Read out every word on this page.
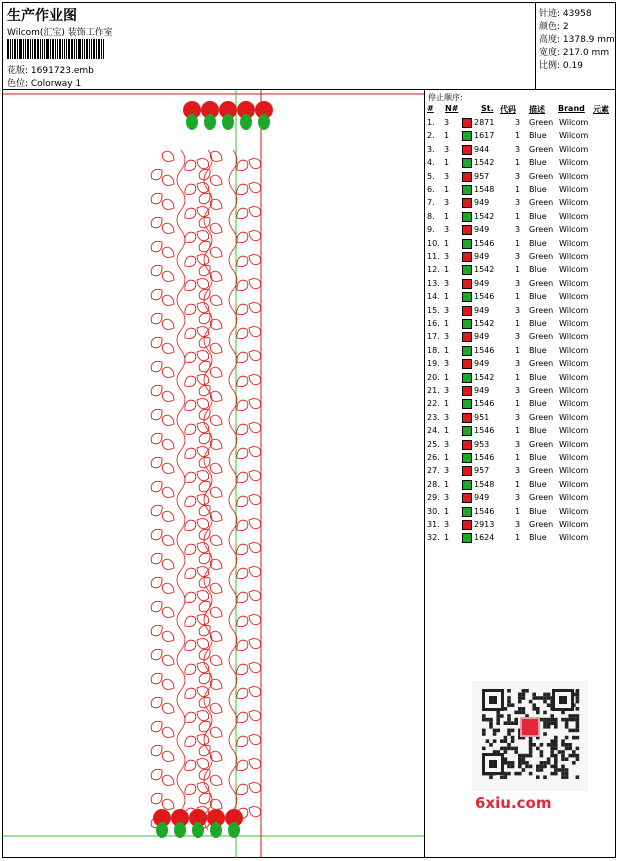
生产作业图
Wilcom(汇宝) 装饰工作室
花版: 1691723.emb
色位: Colorway 1
针迹: 43958
颜色: 2
高度: 1378.9 mm
宽度: 217.0 mm
比例: 0.19
停止顺序:
# N#	St. 代码 描述 Brand 元素
1. 3	2871	3 Green Wilcom
2. 1	1617	1 Blue Wilcom
3. 3	944	3 Green Wilcom
4. 1	1542	1 Blue Wilcom
5. 3	957	3 Green Wilcom
6. 1	1548	1 Blue Wilcom
7. 3	949	3 Green Wilcom
8. 1	1542	1 Blue Wilcom
9. 3	949	3 Green Wilcom
10. 1	1546	1 Blue Wilcom
11. 3	949	3 Green Wilcom
12. 1	1542	1 Blue Wilcom
13. 3	949	3 Green Wilcom
14. 1	1546	1 Blue Wilcom
15. 3	949	3 Green Wilcom
16. 1	1542	1 Blue Wilcom
17. 3	949	3 Green Wilcom
18. 1	1546	1 Blue Wilcom
19. 3	949	3 Green Wilcom
20. 1	1542	1 Blue Wilcom
21. 3	949	3 Green Wilcom
22. 1	1546	1 Blue Wilcom
23. 3	951	3 Green Wilcom
24. 1	1546	1 Blue Wilcom
25. 3	953	3 Green Wilcom
26. 1	1546	1 Blue Wilcom
27. 3	957	3 Green Wilcom
28. 1	1548	1 Blue Wilcom
29. 3	949	3 Green Wilcom
30. 1	1546	1 Blue Wilcom
31. 3	2913	3 Green Wilcom
32. 1	1624	1 Blue Wilcom
6xiu.com
